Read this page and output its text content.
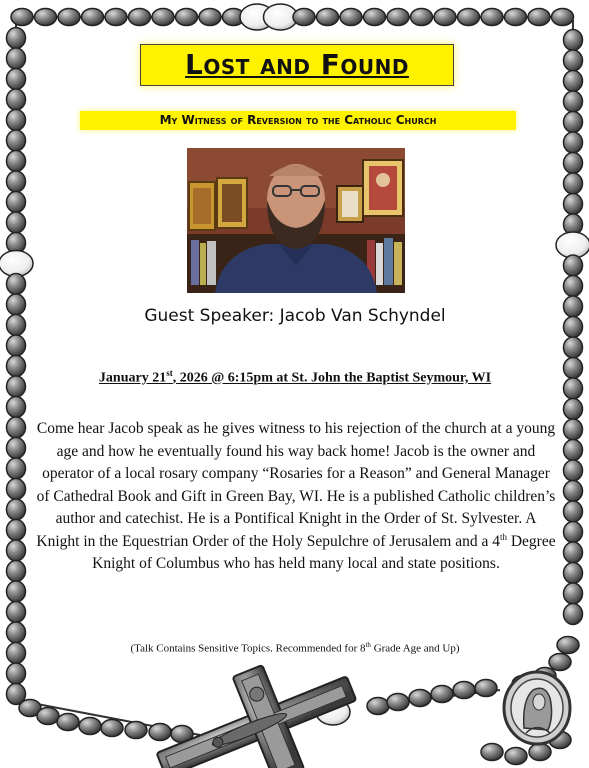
Lost and Found
My Witness of Reversion to the Catholic Church
Guest Speaker: Jacob Van Schyndel
January 21st, 2026 @ 6:15pm at St. John the Baptist Seymour, WI
Come hear Jacob speak as he gives witness to his rejection of the church at a young age and how he eventually found his way back home! Jacob is the owner and operator of a local rosary company “Rosaries for a Reason” and General Manager of Cathedral Book and Gift in Green Bay, WI. He is a published Catholic children’s author and catechist. He is a Pontifical Knight in the Order of St. Sylvester. A Knight in the Equestrian Order of the Holy Sepulchre of Jerusalem and a 4th Degree Knight of Columbus who has held many local and state positions.
(Talk Contains Sensitive Topics. Recommended for 8th Grade Age and Up)
